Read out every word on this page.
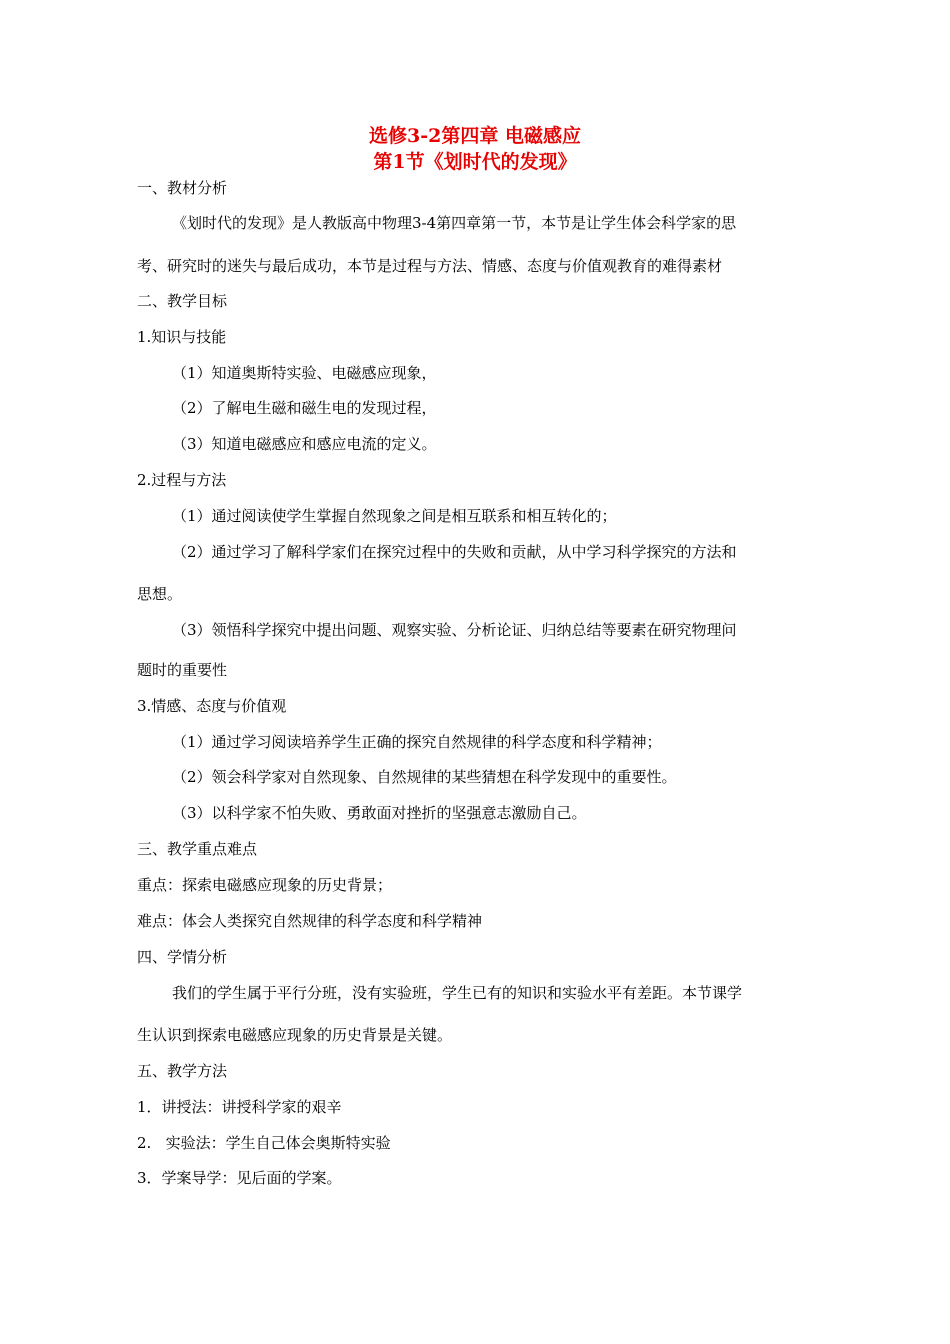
选修3-2第四章 电磁感应
第1节《划时代的发现》
一、教材分析
《划时代的发现》是人教版高中物理3-4第四章第一节，本节是让学生体会科学家的思
考、研究时的迷失与最后成功，本节是过程与方法、情感、态度与价值观教育的难得素材
二、教学目标
1.知识与技能
（1）知道奥斯特实验、电磁感应现象，
（2）了解电生磁和磁生电的发现过程，
（3）知道电磁感应和感应电流的定义。
2.过程与方法
（1）通过阅读使学生掌握自然现象之间是相互联系和相互转化的；
（2）通过学习了解科学家们在探究过程中的失败和贡献，从中学习科学探究的方法和
思想。
（3）领悟科学探究中提出问题、观察实验、分析论证、归纳总结等要素在研究物理问
题时的重要性
3.情感、态度与价值观
（1）通过学习阅读培养学生正确的探究自然规律的科学态度和科学精神；
（2）领会科学家对自然现象、自然规律的某些猜想在科学发现中的重要性。
（3）以科学家不怕失败、勇敢面对挫折的坚强意志激励自己。
三、教学重点难点
重点：探索电磁感应现象的历史背景；
难点：体会人类探究自然规律的科学态度和科学精神
四、学情分析
我们的学生属于平行分班，没有实验班，学生已有的知识和实验水平有差距。本节课学
生认识到探索电磁感应现象的历史背景是关键。
五、教学方法
1．讲授法：讲授科学家的艰辛
2.   实验法：学生自己体会奥斯特实验
3．学案导学：见后面的学案。
